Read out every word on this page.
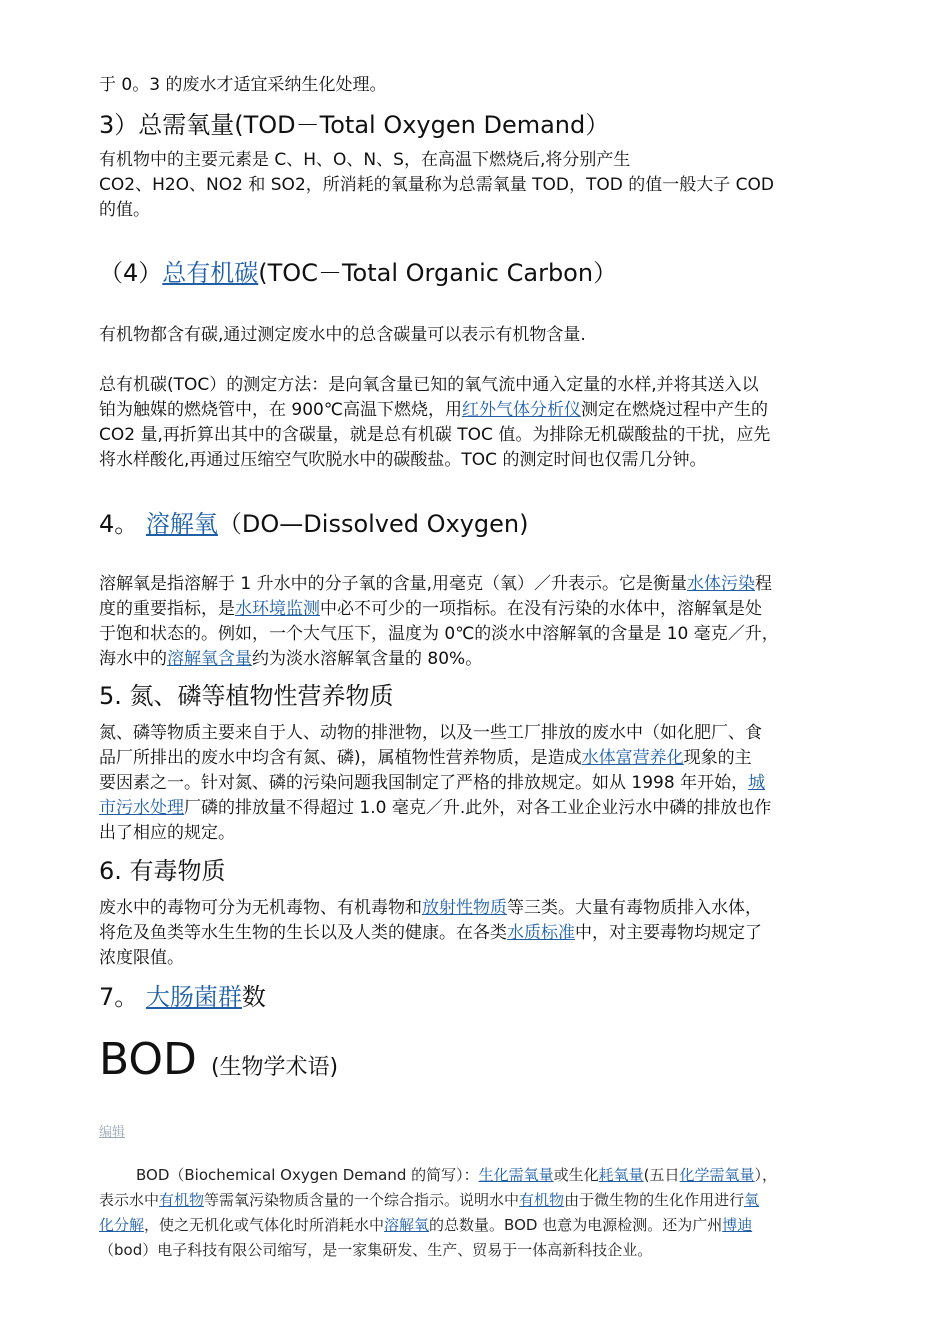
于 0。3 的废水才适宜采纳生化处理。

3）总需氧量(TOD－Total Oxygen Demand）

有机物中的主要元素是 C、H、O、N、S，在高温下燃烧后,将分别产生
CO2、H2O、NO2 和 SO2，所消耗的氧量称为总需氧量 TOD，TOD 的值一般大子 COD
的值。

（4）总有机碳(TOC－Total Organic Carbon）

有机物都含有碳,通过测定废水中的总含碳量可以表示有机物含量.

总有机碳(TOC）的测定方法：是向氧含量已知的氧气流中通入定量的水样,并将其送入以
铂为触媒的燃烧管中，在 900℃高温下燃烧，用红外气体分析仪测定在燃烧过程中产生的
CO2 量,再折算出其中的含碳量，就是总有机碳 TOC 值。为排除无机碳酸盐的干扰，应先
将水样酸化,再通过压缩空气吹脱水中的碳酸盐。TOC 的测定时间也仅需几分钟。

4。 溶解氧（DO—Dissolved Oxygen)

溶解氧是指溶解于 1 升水中的分子氧的含量,用毫克（氧）／升表示。它是衡量水体污染程
度的重要指标，是水环境监测中必不可少的一项指标。在没有污染的水体中，溶解氧是处
于饱和状态的。例如，一个大气压下，温度为 0℃的淡水中溶解氧的含量是 10 毫克／升，
海水中的溶解氧含量约为淡水溶解氧含量的 80%。

5. 氮、磷等植物性营养物质

氮、磷等物质主要来自于人、动物的排泄物，以及一些工厂排放的废水中（如化肥厂、食
品厂所排出的废水中均含有氮、磷)，属植物性营养物质，是造成水体富营养化现象的主
要因素之一。针对氮、磷的污染问题我国制定了严格的排放规定。如从 1998 年开始，城
市污水处理厂磷的排放量不得超过 1.0 毫克／升.此外，对各工业企业污水中磷的排放也作
出了相应的规定。

6. 有毒物质

废水中的毒物可分为无机毒物、有机毒物和放射性物质等三类。大量有毒物质排入水体，
将危及鱼类等水生生物的生长以及人类的健康。在各类水质标准中，对主要毒物均规定了
浓度限值。

7。 大肠菌群数

BOD (生物学术语)

编辑
BOD（Biochemical Oxygen Demand 的简写）：生化需氧量或生化耗氧量(五日化学需氧量），
表示水中有机物等需氧污染物质含量的一个综合指示。说明水中有机物由于微生物的生化作用进行氧
化分解，使之无机化或气体化时所消耗水中溶解氧的总数量。BOD 也意为电源检测。还为广州博迪
（bod）电子科技有限公司缩写，是一家集研发、生产、贸易于一体高新科技企业。
